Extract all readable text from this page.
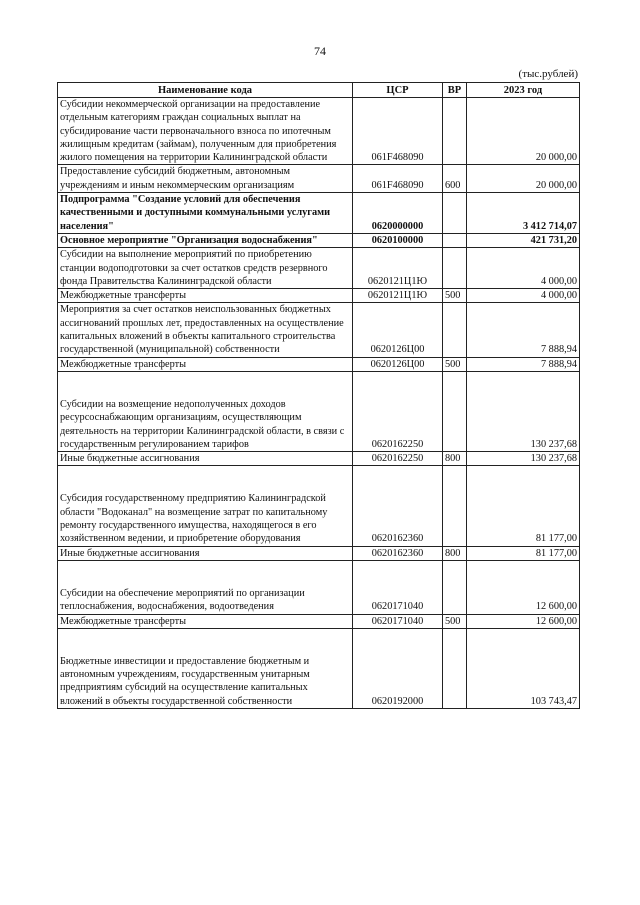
74
(тыс.рублей)
Наименование кода	ЦСР	ВР	2023 год
Субсидии некоммерческой организации на предоставление отдельным категориям граждан социальных выплат на субсидирование части первоначального взноса по ипотечным жилищным кредитам (займам), полученным для приобретения жилого помещения на территории Калининградской области	061F468090		20 000,00
Предоставление субсидий бюджетным, автономным учреждениям и иным некоммерческим организациям	061F468090	600	20 000,00
Подпрограмма "Создание условий для обеспечения качественными и доступными коммунальными услугами населения"	0620000000		3 412 714,07
Основное мероприятие "Организация водоснабжения"	0620100000		421 731,20
Субсидии на выполнение мероприятий по приобретению станции водоподготовки за счет остатков средств резервного фонда Правительства Калининградской области	0620121Ц1Ю		4 000,00
Межбюджетные трансферты	0620121Ц1Ю	500	4 000,00
Мероприятия за счет остатков неиспользованных бюджетных ассигнований прошлых лет, предоставленных на осуществление капитальных вложений в объекты капитального строительства государственной (муниципальной) собственности	0620126Ц00		7 888,94
Межбюджетные трансферты	0620126Ц00	500	7 888,94
Субсидии на возмещение недополученных доходов ресурсоснабжающим организациям, осуществляющим деятельность на территории Калининградской области, в связи с государственным регулированием тарифов	0620162250		130 237,68
Иные бюджетные ассигнования	0620162250	800	130 237,68
Субсидия государственному предприятию Калининградской области "Водоканал" на возмещение затрат по капитальному ремонту государственного имущества, находящегося в его хозяйственном ведении, и приобретение оборудования	0620162360		81 177,00
Иные бюджетные ассигнования	0620162360	800	81 177,00
Субсидии на обеспечение мероприятий по организации теплоснабжения, водоснабжения, водоотведения	0620171040		12 600,00
Межбюджетные трансферты	0620171040	500	12 600,00
Бюджетные инвестиции и предоставление бюджетным и автономным учреждениям, государственным унитарным предприятиям субсидий на осуществление капитальных вложений в объекты государственной собственности	0620192000		103 743,47
